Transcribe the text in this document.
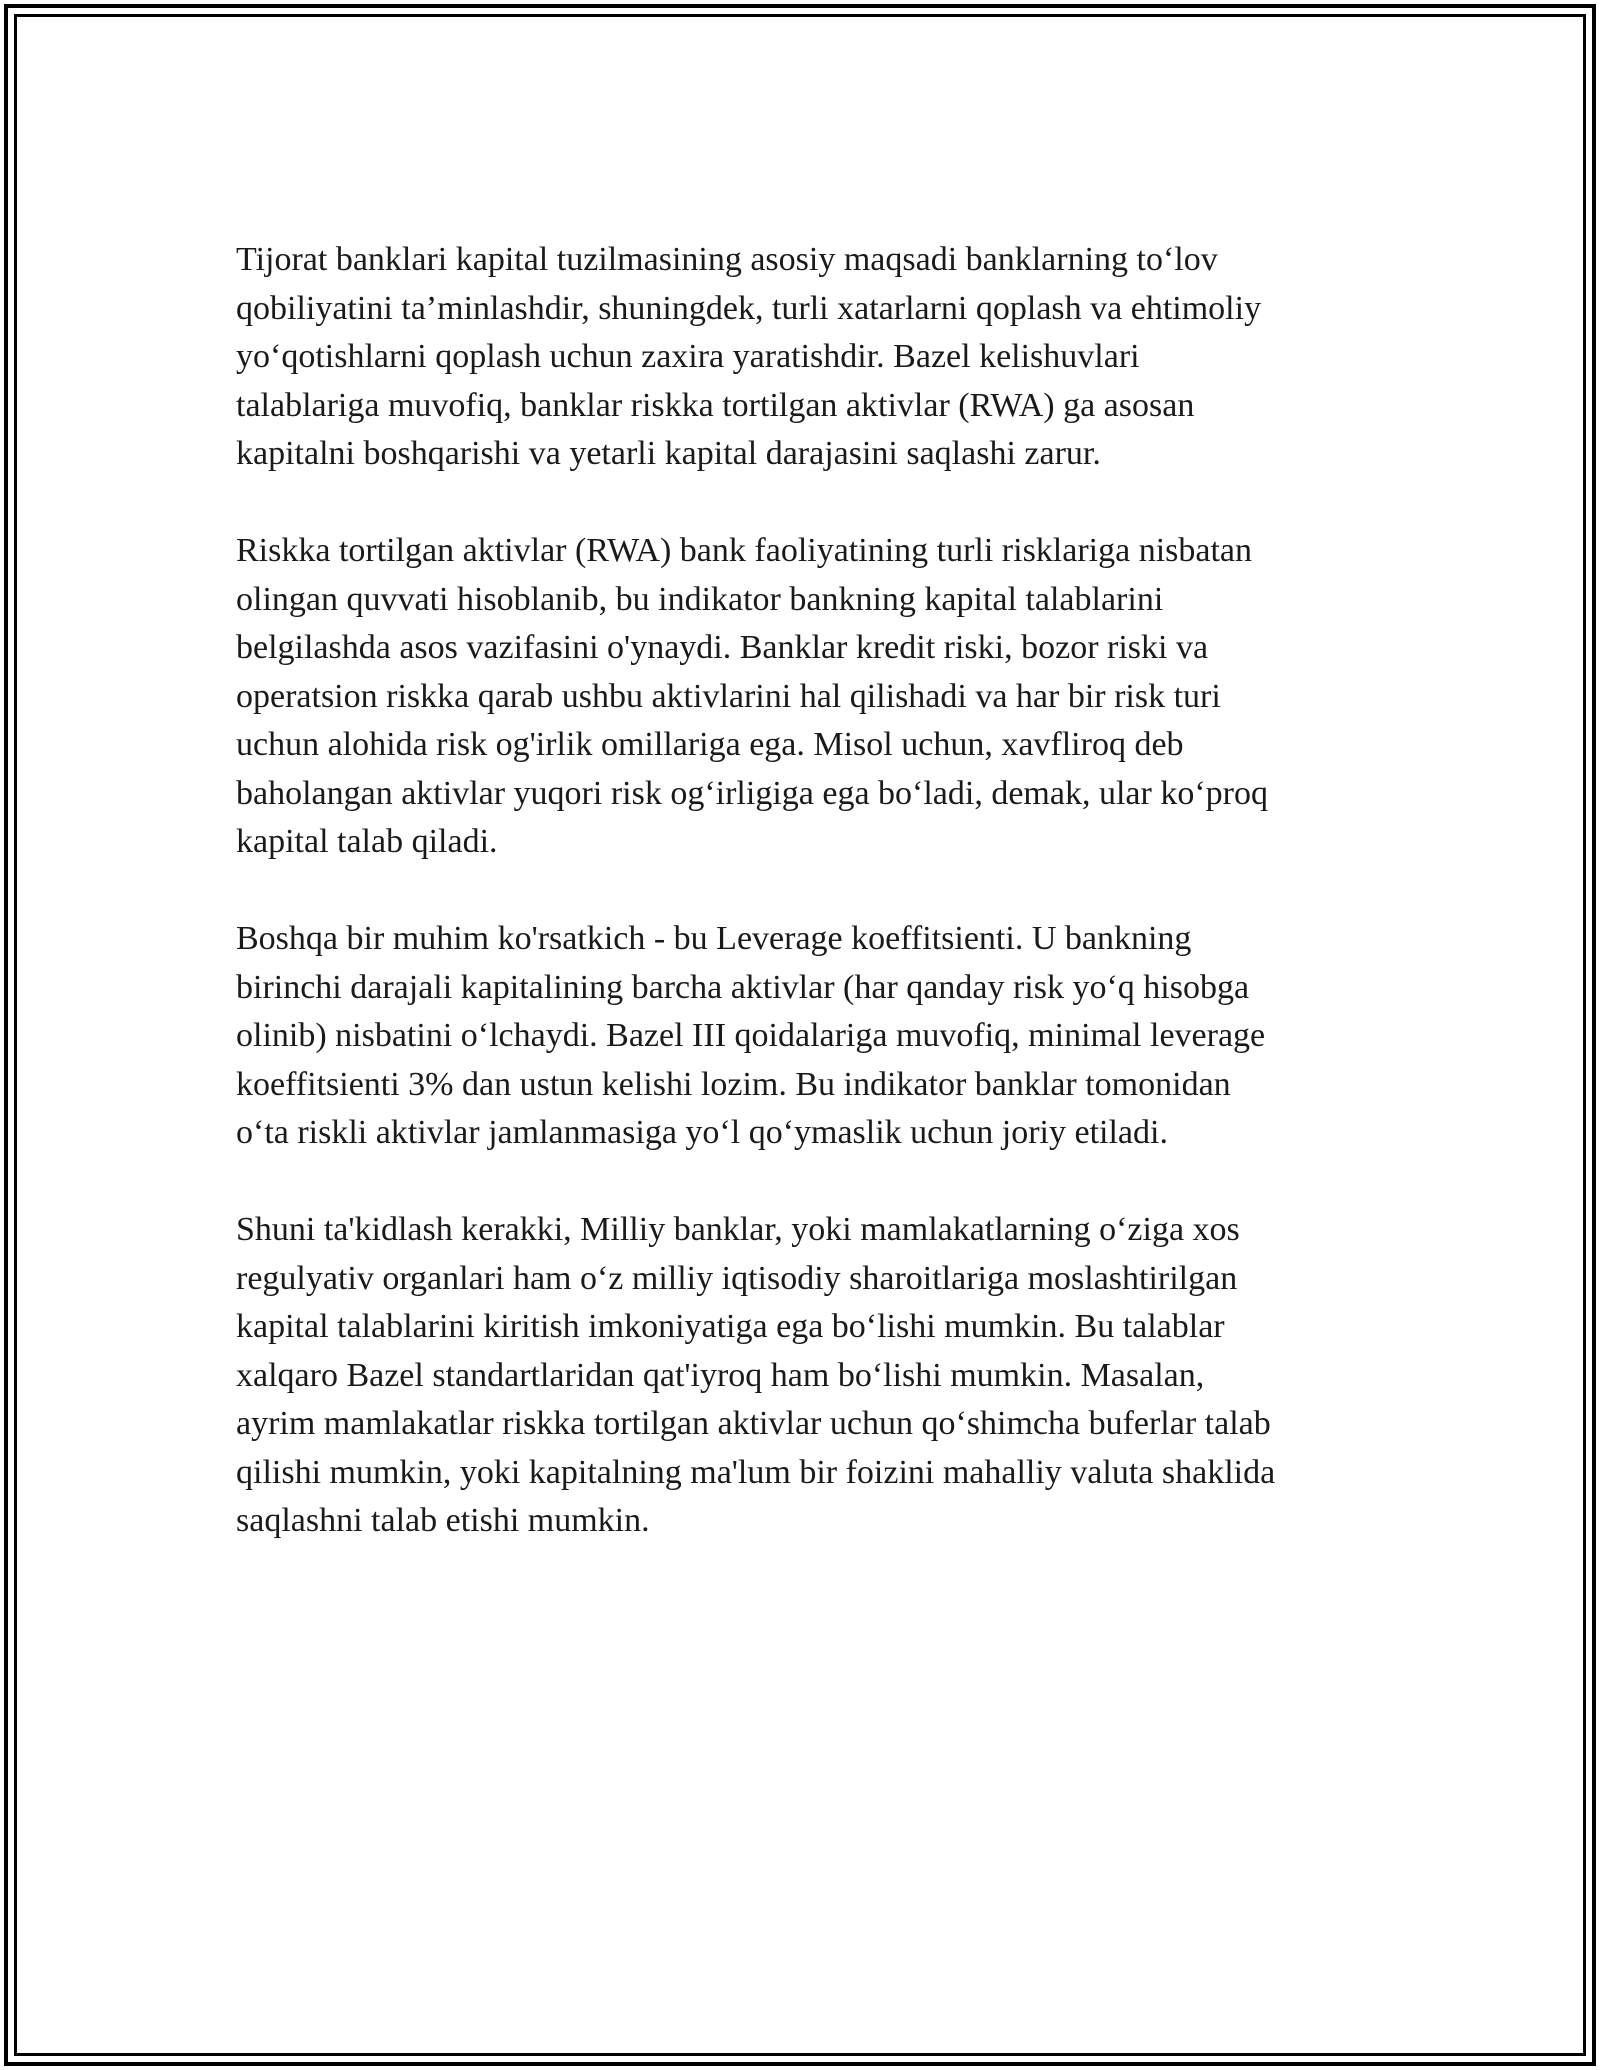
Tijorat banklari kapital tuzilmasining asosiy maqsadi banklarning to‘lov
qobiliyatini ta’minlashdir, shuningdek, turli xatarlarni qoplash va ehtimoliy
yo‘qotishlarni qoplash uchun zaxira yaratishdir. Bazel kelishuvlari
talablariga muvofiq, banklar riskka tortilgan aktivlar (RWA) ga asosan
kapitalni boshqarishi va yetarli kapital darajasini saqlashi zarur.

Riskka tortilgan aktivlar (RWA) bank faoliyatining turli risklariga nisbatan
olingan quvvati hisoblanib, bu indikator bankning kapital talablarini
belgilashda asos vazifasini o'ynaydi. Banklar kredit riski, bozor riski va
operatsion riskka qarab ushbu aktivlarini hal qilishadi va har bir risk turi
uchun alohida risk og'irlik omillariga ega. Misol uchun, xavfliroq deb
baholangan aktivlar yuqori risk og‘irligiga ega bo‘ladi, demak, ular ko‘proq
kapital talab qiladi.

Boshqa bir muhim ko'rsatkich - bu Leverage koeffitsienti. U bankning
birinchi darajali kapitalining barcha aktivlar (har qanday risk yo‘q hisobga
olinib) nisbatini o‘lchaydi. Bazel III qoidalariga muvofiq, minimal leverage
koeffitsienti 3% dan ustun kelishi lozim. Bu indikator banklar tomonidan
o‘ta riskli aktivlar jamlanmasiga yo‘l qo‘ymaslik uchun joriy etiladi.

Shuni ta'kidlash kerakki, Milliy banklar, yoki mamlakatlarning o‘ziga xos
regulyativ organlari ham o‘z milliy iqtisodiy sharoitlariga moslashtirilgan
kapital talablarini kiritish imkoniyatiga ega bo‘lishi mumkin. Bu talablar
xalqaro Bazel standartlaridan qat'iyroq ham bo‘lishi mumkin. Masalan,
ayrim mamlakatlar riskka tortilgan aktivlar uchun qo‘shimcha buferlar talab
qilishi mumkin, yoki kapitalning ma'lum bir foizini mahalliy valuta shaklida
saqlashni talab etishi mumkin.
